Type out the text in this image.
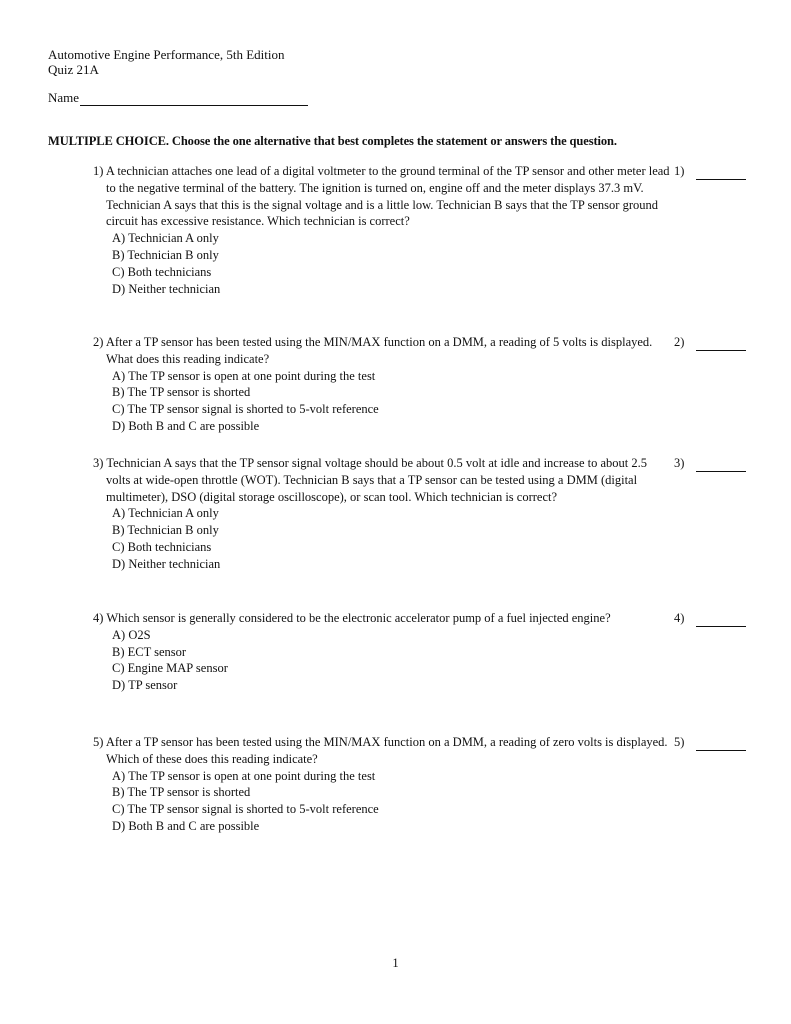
Automotive Engine Performance, 5th Edition
Quiz 21A
Name
MULTIPLE CHOICE. Choose the one alternative that best completes the statement or answers the question.
1) A technician attaches one lead of a digital voltmeter to the ground terminal of the TP sensor and other meter lead to the negative terminal of the battery. The ignition is turned on, engine off and the meter displays 37.3 mV. Technician A says that this is the signal voltage and is a little low. Technician B says that the TP sensor ground circuit has excessive resistance. Which technician is correct?
1)
A) Technician A only
B) Technician B only
C) Both technicians
D) Neither technician
2) After a TP sensor has been tested using the MIN/MAX function on a DMM, a reading of 5 volts is displayed. What does this reading indicate?
2)
A) The TP sensor is open at one point during the test
B) The TP sensor is shorted
C) The TP sensor signal is shorted to 5-volt reference
D) Both B and C are possible
3) Technician A says that the TP sensor signal voltage should be about 0.5 volt at idle and increase to about 2.5 volts at wide-open throttle (WOT). Technician B says that a TP sensor can be tested using a DMM (digital multimeter), DSO (digital storage oscilloscope), or scan tool. Which technician is correct?
3)
A) Technician A only
B) Technician B only
C) Both technicians
D) Neither technician
4) Which sensor is generally considered to be the electronic accelerator pump of a fuel injected engine?	4)
A) O2S
B) ECT sensor
C) Engine MAP sensor
D) TP sensor
5) After a TP sensor has been tested using the MIN/MAX function on a DMM, a reading of zero volts is displayed. Which of these does this reading indicate?
5)
A) The TP sensor is open at one point during the test
B) The TP sensor is shorted
C) The TP sensor signal is shorted to 5-volt reference
D) Both B and C are possible
1
